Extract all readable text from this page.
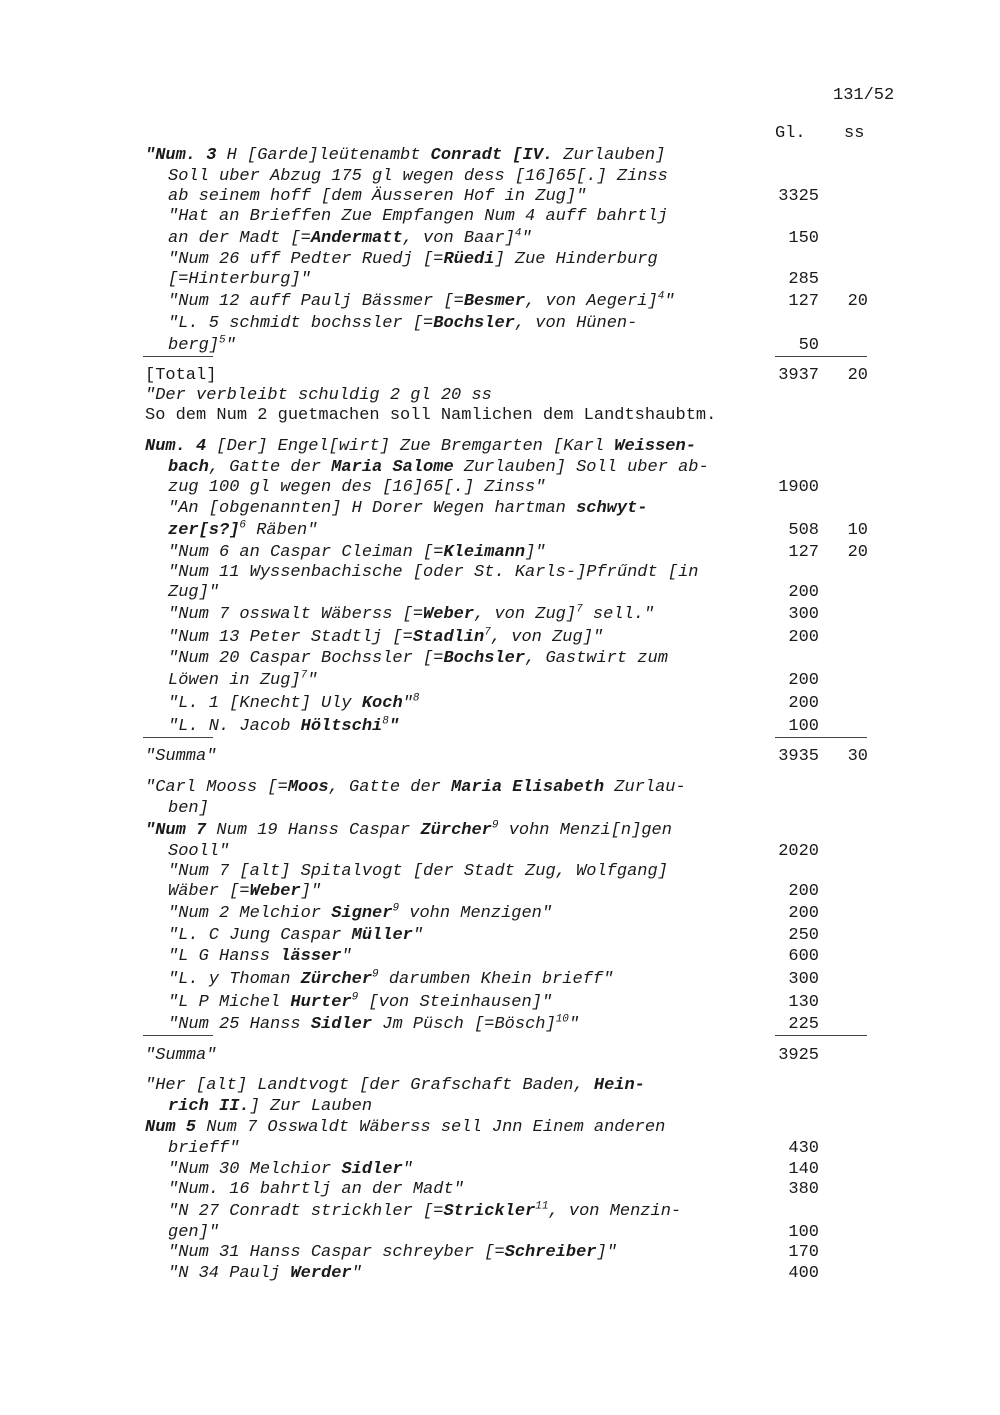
131/52
Gl. ss
"Num. 3 H [Garde]leütenambt Conradt [IV. Zurlauben]
Soll uber Abzug 175 gl wegen dess [16]65[.] Zinss
ab seinem hoff [dem Äusseren Hof in Zug]"	3325
"Hat an Brieffen Zue Empfangen Num 4 auff bahrtlj
an der Madt [=Andermatt, von Baar]$^4$"	150
"Num 26 uff Pedter Ruedj [=Rüedi] Zue Hinderburg
[=Hinterburg]"	285
"Num 12 auff Paulj Bässmer [=Besmer, von Aegeri]$^4$"	127 20
"L. 5 schmidt bochssler [=Bochsler, von Hünen-
berg]$^5$"	50
[Total]	3937 20
"Der verbleibt schuldig 2 gl 20 ss
So dem Num 2 guetmachen soll Namlichen dem Landtshaubtm.
Num. 4 [Der] Engel[wirt] Zue Bremgarten [Karl Weissen-
bach, Gatte der Maria Salome Zurlauben] Soll uber ab-
zug 100 gl wegen des [16]65[.] Zinss"	1900
"An [obgenannten] H Dorer Wegen hartman schwyt-
zer[s?]$^6$ Räben"	508 10
"Num 6 an Caspar Cleiman [=Kleimann]"	127 20
"Num 11 Wyssenbachische [oder St. Karls-]Pfrűndt [in
Zug]"	200
"Num 7 osswalt Wäberss [=Weber, von Zug]$^7$ sell."	300
"Num 13 Peter Stadtlj [=Stadlin$^7$, von Zug]"	200
"Num 20 Caspar Bochssler [=Bochsler, Gastwirt zum
Löwen in Zug]$^7$"	200
"L. 1 [Knecht] Uly Koch"$^8$	200
"L. N. Jacob Höltschi$^8$"	100
"Summa"	3935 30
"Carl Mooss [=Moos, Gatte der Maria Elisabeth Zurlau-
ben]
"Num 7 Num 19 Hanss Caspar Zürcher$^9$ vohn Menzi[n]gen
Sooll"	2020
"Num 7 [alt] Spitalvogt [der Stadt Zug, Wolfgang]
Wäber [=Weber]"	200
"Num 2 Melchior Signer$^9$ vohn Menzigen"	200
"L. C Jung Caspar Müller"	250
"L G Hanss lässer"	600
"L. y Thoman Zürcher$^9$ darumben Khein brieff"	300
"L P Michel Hurter$^9$ [von Steinhausen]"	130
"Num 25 Hanss Sidler Jm Püsch [=Bösch]$^{10}$"	225
"Summa"	3925
"Her [alt] Landtvogt [der Grafschaft Baden, Hein-
rich II.] Zur Lauben
Num 5 Num 7 Osswaldt Wäberss sell Jnn Einem anderen
brieff"	430
"Num 30 Melchior Sidler"	140
"Num. 16 bahrtlj an der Madt"	380
"N 27 Conradt strickhler [=Strickler$^{11}$, von Menzin-
gen]"	100
"Num 31 Hanss Caspar schreyber [=Schreiber]"	170
"N 34 Paulj Werder"	400
